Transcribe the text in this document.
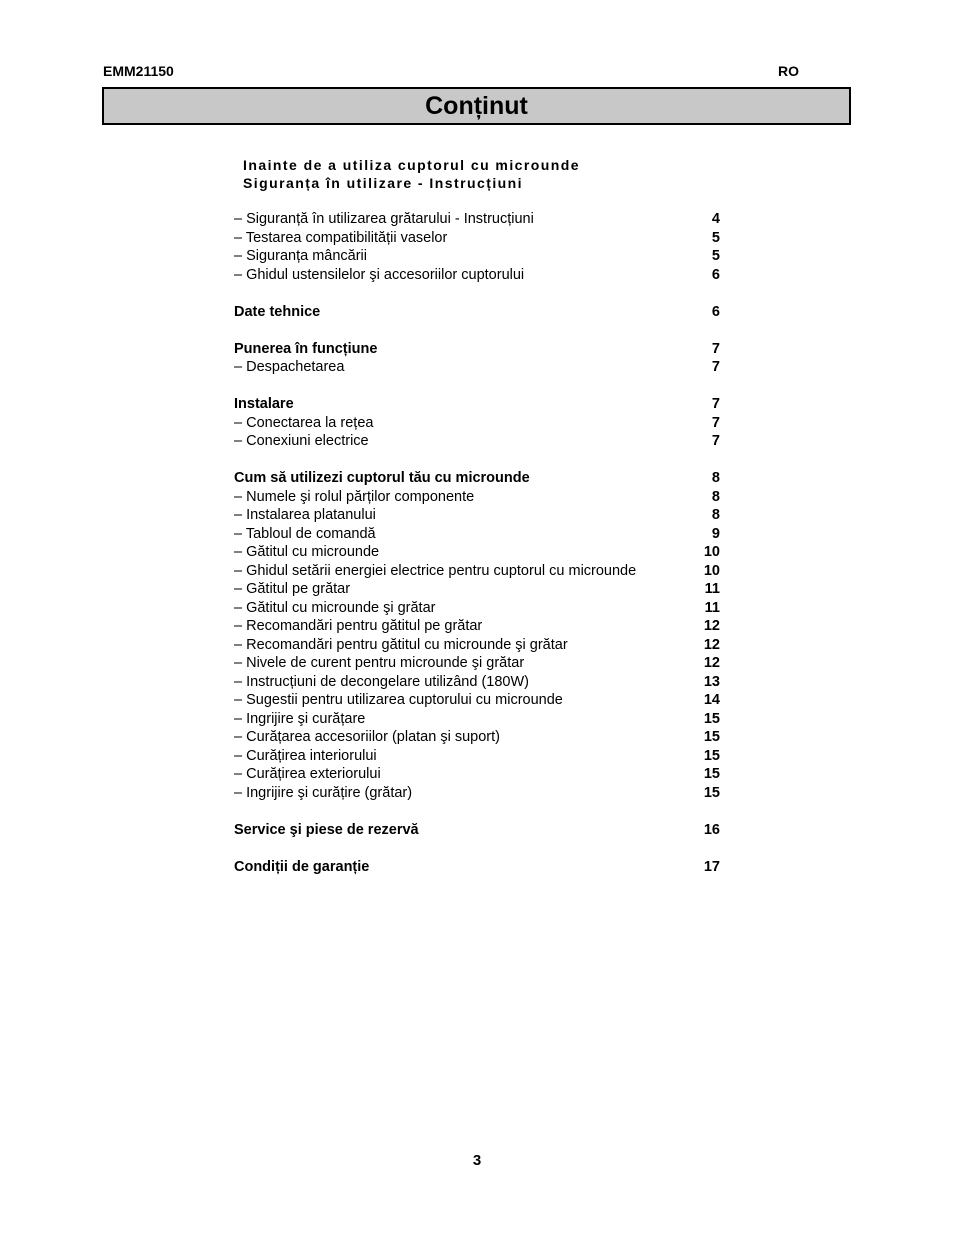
EMM21150	RO
Conținut
Inainte de a utiliza cuptorul cu microunde
Siguranța în utilizare - Instrucțiuni
– Siguranță în utilizarea grătarului - Instrucțiuni	4
– Testarea compatibilității vaselor	5
– Siguranța mâncării	5
– Ghidul ustensilelor şi accesoriilor cuptorului	6
Date tehnice	6
Punerea în funcțiune	7
– Despachetarea	7
Instalare	7
– Conectarea la rețea	7
– Conexiuni electrice	7
Cum să utilizezi cuptorul tău cu microunde	8
– Numele şi rolul părților componente	8
– Instalarea platanului	8
– Tabloul de comandă	9
– Gătitul cu microunde	10
– Ghidul setării energiei electrice pentru cuptorul cu microunde	10
– Gătitul pe grătar	11
– Gătitul cu microunde şi grătar	11
– Recomandări pentru gătitul pe grătar	12
– Recomandări pentru gătitul cu microunde şi grătar	12
– Nivele de curent pentru microunde şi grătar	12
– Instrucțiuni de decongelare utilizând (180W)	13
– Sugestii pentru utilizarea cuptorului cu microunde	14
– Ingrijire şi curățare	15
– Curățarea accesoriilor (platan şi suport)	15
– Curățirea interiorului	15
– Curățirea exteriorului	15
– Ingrijire şi curățire (grătar)	15
Service şi piese de rezervă	16
Condiții de garanție	17
3
